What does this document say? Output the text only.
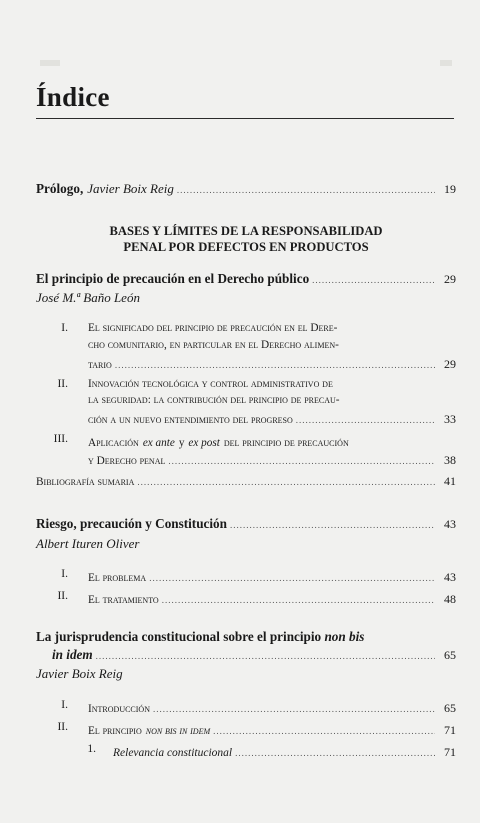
Índice
Prólogo, Javier Boix Reig .....	19
BASES Y LÍMITES DE LA RESPONSABILIDAD
PENAL POR DEFECTOS EN PRODUCTOS
El principio de precaución en el Derecho público .....	29
José M.ª Baño León
I. El significado del principio de precaución en el Dere-
cho comunitario, en particular en el Derecho alimen-
tario .....	29
II. Innovación tecnológica y control administrativo de
la seguridad: la contribución del principio de precau-
ción a un nuevo entendimiento del progreso .....	33
III. Aplicación ex ante y ex post del principio de precaución
y Derecho penal .....	38
Bibliografía sumaria .....	41
Riesgo, precaución y Constitución .....	43
Albert Ituren Oliver
I. El problema .....	43
II. El tratamiento .....	48
La jurisprudencia constitucional sobre el principio non bis
in idem .....	65
Javier Boix Reig
I. Introducción .....	65
II. El principio non bis in idem .....	71
1. Relevancia constitucional .....	71
